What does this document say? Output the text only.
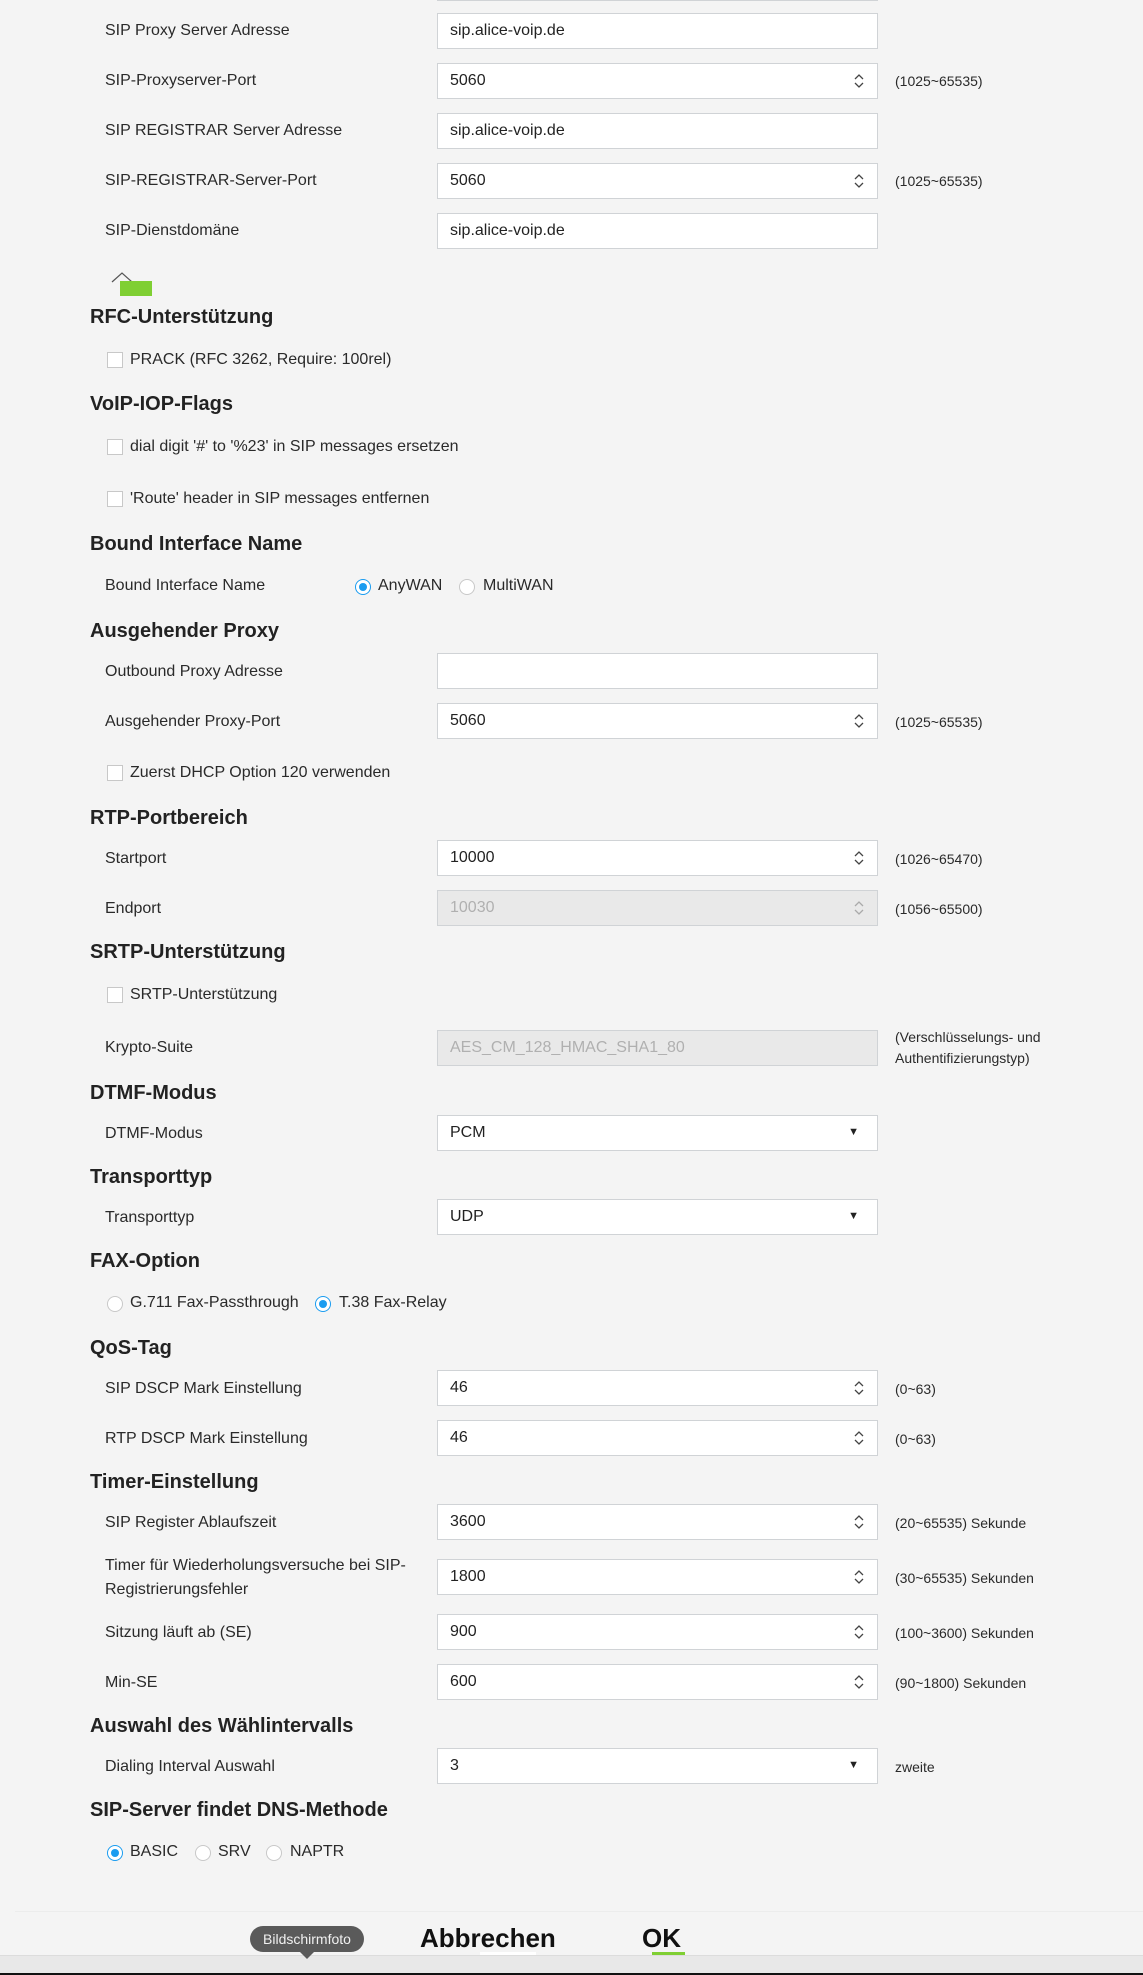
SIP Proxy Server Adresse	sip.alice-voip.de
SIP-Proxyserver-Port	5060	(1025~65535)
SIP REGISTRAR Server Adresse	sip.alice-voip.de
SIP-REGISTRAR-Server-Port	5060	(1025~65535)
SIP-Dienstdomäne	sip.alice-voip.de
RFC-Unterstützung
PRACK (RFC 3262, Require: 100rel)
VoIP-IOP-Flags
dial digit '#' to '%23' in SIP messages ersetzen
'Route' header in SIP messages entfernen
Bound Interface Name
Bound Interface Name	AnyWAN	MultiWAN
Ausgehender Proxy
Outbound Proxy Adresse
Ausgehender Proxy-Port	5060	(1025~65535)
Zuerst DHCP Option 120 verwenden
RTP-Portbereich
Startport	10000	(1026~65470)
Endport	10030	(1056~65500)
SRTP-Unterstützung
SRTP-Unterstützung
Krypto-Suite	AES_CM_128_HMAC_SHA1_80
(Verschlüsselungs- und
Authentifizierungstyp)
DTMF-Modus
DTMF-Modus	PCM	▼
Transporttyp
Transporttyp	UDP	▼
FAX-Option
G.711 Fax-Passthrough	T.38 Fax-Relay
QoS-Tag
SIP DSCP Mark Einstellung	46	(0~63)
RTP DSCP Mark Einstellung	46	(0~63)
Timer-Einstellung
SIP Register Ablaufszeit	3600	(20~65535) Sekunde
Timer für Wiederholungsversuche bei SIP-Registrierungsfehler
1800	(30~65535) Sekunden
Sitzung läuft ab (SE)	900	(100~3600) Sekunden
Min-SE	600	(90~1800) Sekunden
Auswahl des Wählintervalls
Dialing Interval Auswahl	3	▼	zweite
SIP-Server findet DNS-Methode
BASIC SRV NAPTR
Abbrechen	OK
Bildschirmfoto
